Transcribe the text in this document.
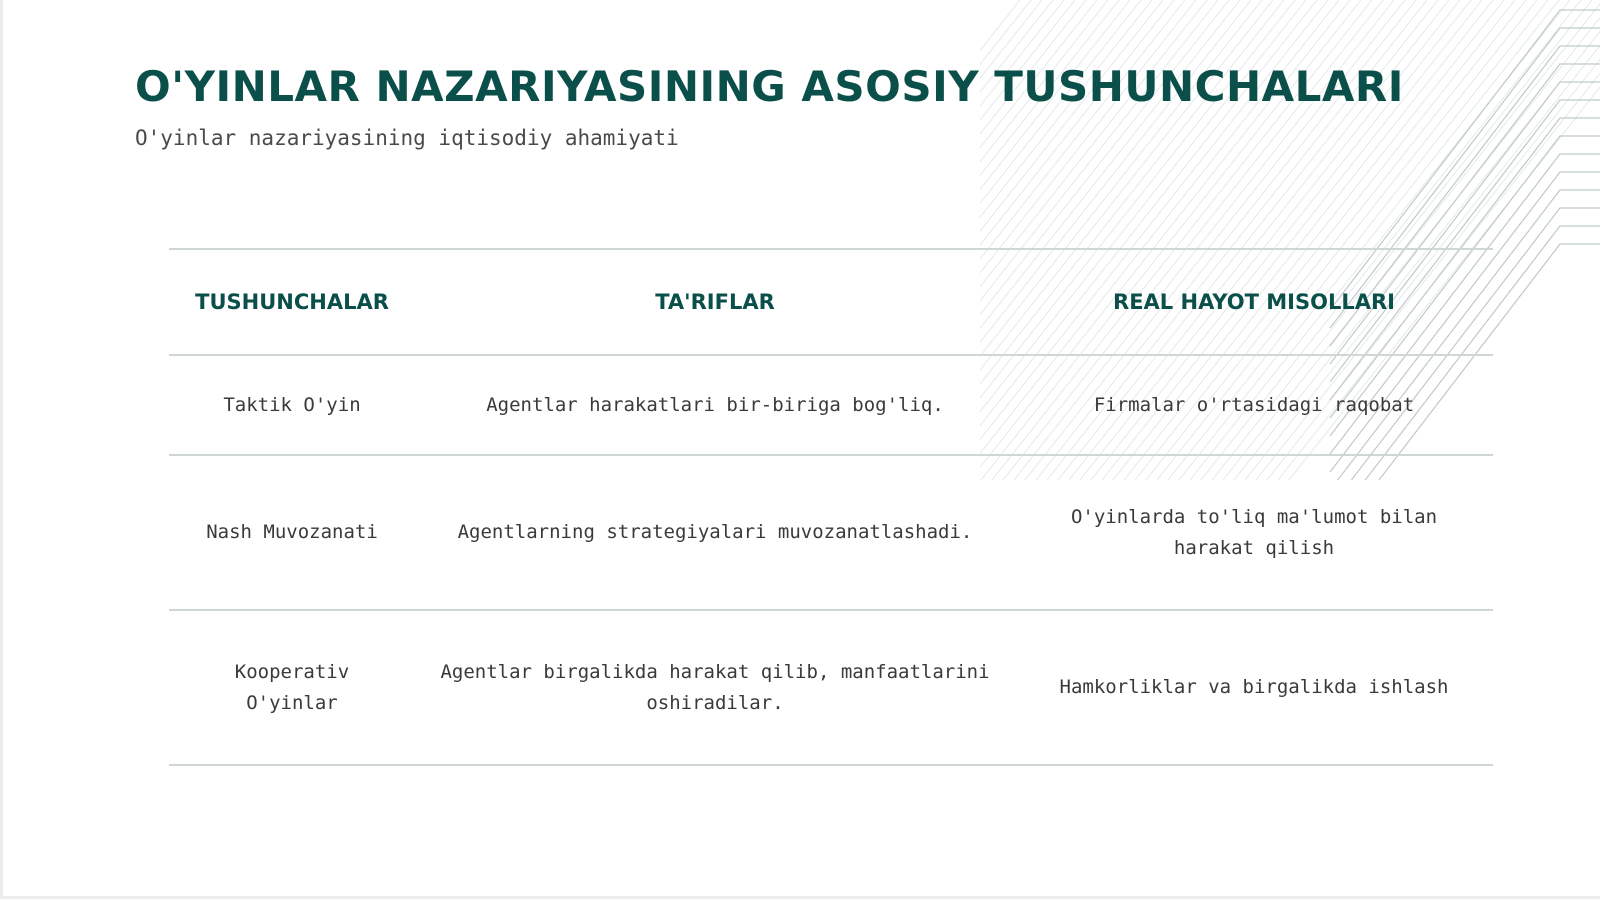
O'YINLAR NAZARIYASINING ASOSIY TUSHUNCHALARI

O'yinlar nazariyasining iqtisodiy ahamiyati

TUSHUNCHALAR	TA'RIFLAR	REAL HAYOT MISOLLARI
Taktik O'yin	Agentlar harakatlari bir-biriga bog'liq.	Firmalar o'rtasidagi raqobat
Nash Muvozanati	Agentlarning strategiyalari muvozanatlashadi.	O'yinlarda to'liq ma'lumot bilan harakat qilish
Kooperativ O'yinlar	Agentlar birgalikda harakat qilib, manfaatlarini oshiradilar.	Hamkorliklar va birgalikda ishlash
